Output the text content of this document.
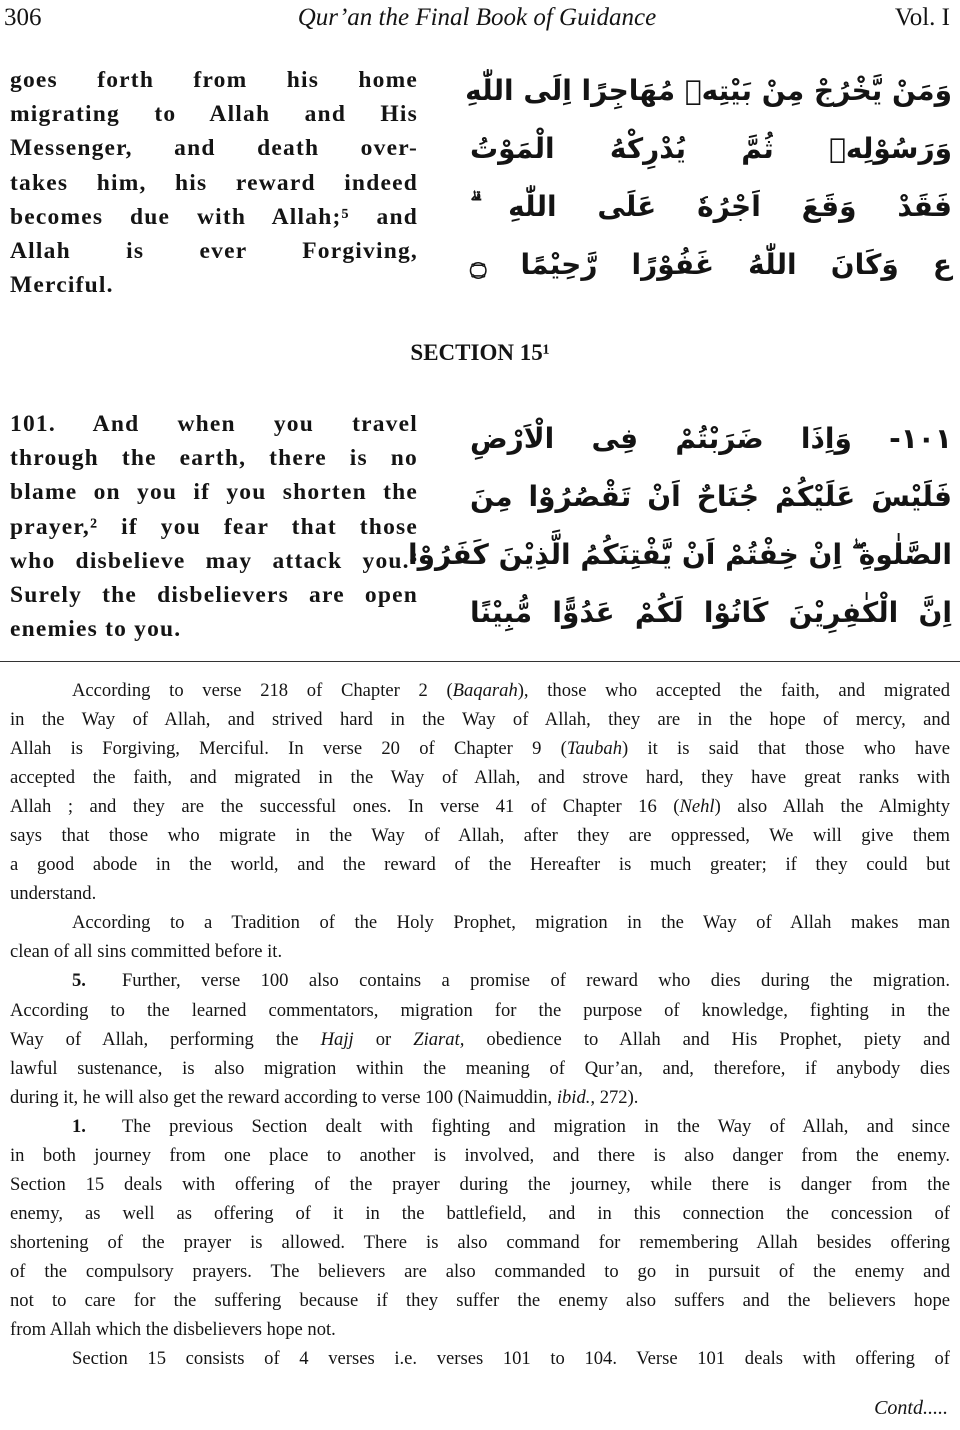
306	Qur’an the Final Book of Guidance	Vol. I
goes forth from his home
migrating to Allah and His
Messenger, and death over-
takes him, his reward indeed
becomes due with Allah;⁵ and
Allah is ever Forgiving,
Merciful.
وَمَنْ يَّخْرُجْ مِنْ بَيْتِهٖ مُهَاجِرًا اِلَى اللّٰهِ
وَرَسُوْلِهٖ ثُمَّ يُدْرِكْهُ الْمَوْتُ
فَقَدْ وَقَعَ اَجْرُهٗ عَلَى اللّٰهِ ۗ
ع وَكَانَ اللّٰهُ غَفُوْرًا رَّحِيْمًا ۝
SECTION 15¹
101. And when you travel
through the earth, there is no
blame on you if you shorten the
prayer,² if you fear that those
who disbelieve may attack you.³
Surely the disbelievers are open
enemies to you.
١٠١- وَاِذَا ضَرَبْتُمْ فِى الْاَرْضِ
فَلَيْسَ عَلَيْكُمْ جُنَاحٌ اَنْ تَقْصُرُوْا مِنَ
الصَّلٰوةِ ۖ اِنْ خِفْتُمْ اَنْ يَّفْتِنَكُمُ الَّذِيْنَ كَفَرُوْا
اِنَّ الْكٰفِرِيْنَ كَانُوْا لَكُمْ عَدُوًّا مُّبِيْنًا
According to verse 218 of Chapter 2 (Baqarah), those who accepted the faith, and migrated
in the Way of Allah, and strived hard in the Way of Allah, they are in the hope of mercy, and
Allah is Forgiving, Merciful. In verse 20 of Chapter 9 (Taubah) it is said that those who have
accepted the faith, and migrated in the Way of Allah, and strove hard, they have great ranks with
Allah ; and they are the successful ones. In verse 41 of Chapter 16 (Nehl) also Allah the Almighty
says that those who migrate in the Way of Allah, after they are oppressed, We will give them
a good abode in the world, and the reward of the Hereafter is much greater; if they could but
understand.
According to a Tradition of the Holy Prophet, migration in the Way of Allah makes man
clean of all sins committed before it.
5. Further, verse 100 also contains a promise of reward who dies during the migration.
According to the learned commentators, migration for the purpose of knowledge, fighting in the
Way of Allah, performing the Hajj or Ziarat, obedience to Allah and His Prophet, piety and
lawful sustenance, is also migration within the meaning of Qur’an, and, therefore, if anybody dies
during it, he will also get the reward according to verse 100 (Naimuddin, ibid., 272).
1. The previous Section dealt with fighting and migration in the Way of Allah, and since
in both journey from one place to another is involved, and there is also danger from the enemy.
Section 15 deals with offering of the prayer during the journey, while there is danger from the
enemy, as well as offering of it in the battlefield, and in this connection the concession of
shortening of the prayer is allowed. There is also command for remembering Allah besides offering
of the compulsory prayers. The believers are also commanded to go in pursuit of the enemy and
not to care for the suffering because if they suffer the enemy also suffers and the believers hope
from Allah which the disbelievers hope not.
Section 15 consists of 4 verses i.e. verses 101 to 104. Verse 101 deals with offering of
Contd.....
